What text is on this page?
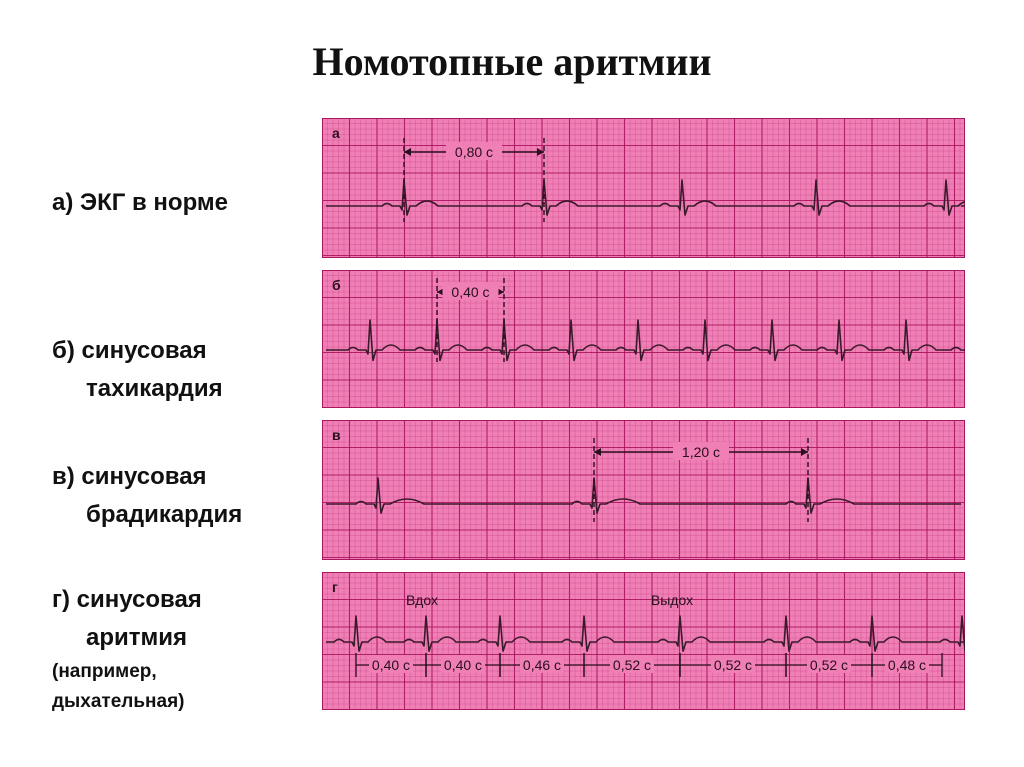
Номотопные аритмии
а) ЭКГ в норме
б) синусовая
тахикардия
в) синусовая
брадикардия
г) синусовая
аритмия
(например,
дыхательная)
а
0,80 с
б	0,40 с
в
1,20 с
г
Вдох	Выдох
0,40 с 0,40 с	0,46 с	0,52 с	0,52 с	0,52 с	0,48 с
